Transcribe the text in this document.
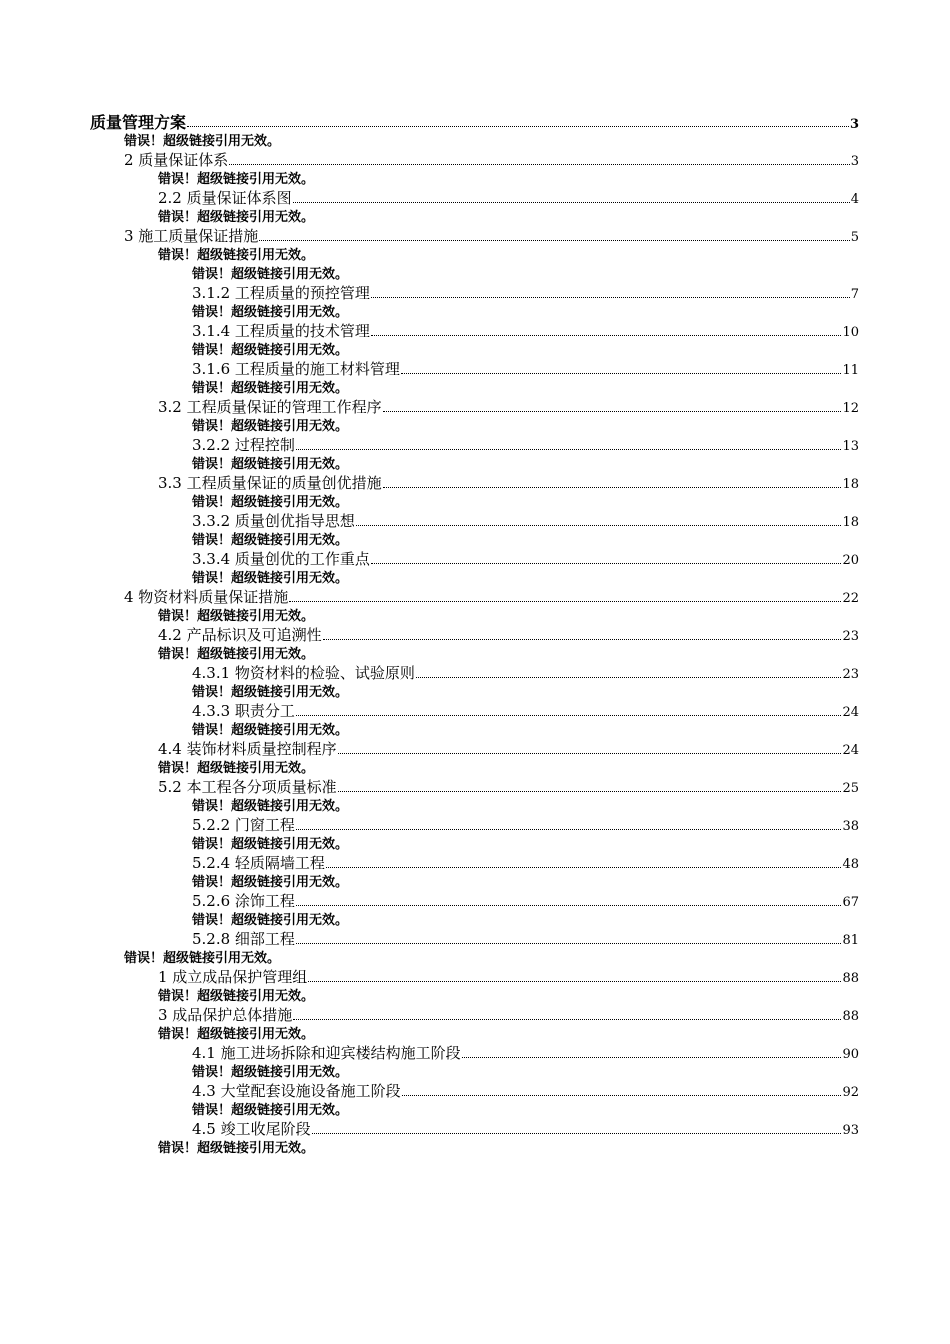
质量管理方案	3
错误！超级链接引用无效。
2 质量保证体系	3
错误！超级链接引用无效。
2.2 质量保证体系图	4
错误！超级链接引用无效。
3 施工质量保证措施	5
错误！超级链接引用无效。
错误！超级链接引用无效。
3.1.2 工程质量的预控管理	7
错误！超级链接引用无效。
3.1.4 工程质量的技术管理	10
错误！超级链接引用无效。
3.1.6 工程质量的施工材料管理	11
错误！超级链接引用无效。
3.2 工程质量保证的管理工作程序	12
错误！超级链接引用无效。
3.2.2 过程控制	13
错误！超级链接引用无效。
3.3 工程质量保证的质量创优措施	18
错误！超级链接引用无效。
3.3.2 质量创优指导思想	18
错误！超级链接引用无效。
3.3.4 质量创优的工作重点	20
错误！超级链接引用无效。
4 物资材料质量保证措施	22
错误！超级链接引用无效。
4.2 产品标识及可追溯性	23
错误！超级链接引用无效。
4.3.1 物资材料的检验、试验原则	23
错误！超级链接引用无效。
4.3.3 职责分工	24
错误！超级链接引用无效。
4.4 装饰材料质量控制程序	24
错误！超级链接引用无效。
5.2 本工程各分项质量标准	25
错误！超级链接引用无效。
5.2.2 门窗工程	38
错误！超级链接引用无效。
5.2.4 轻质隔墙工程	48
错误！超级链接引用无效。
5.2.6 涂饰工程	67
错误！超级链接引用无效。
5.2.8 细部工程	81
错误！超级链接引用无效。
1 成立成品保护管理组	88
错误！超级链接引用无效。
3 成品保护总体措施	88
错误！超级链接引用无效。
4.1 施工进场拆除和迎宾楼结构施工阶段	90
错误！超级链接引用无效。
4.3 大堂配套设施设备施工阶段	92
错误！超级链接引用无效。
4.5 竣工收尾阶段	93
错误！超级链接引用无效。
